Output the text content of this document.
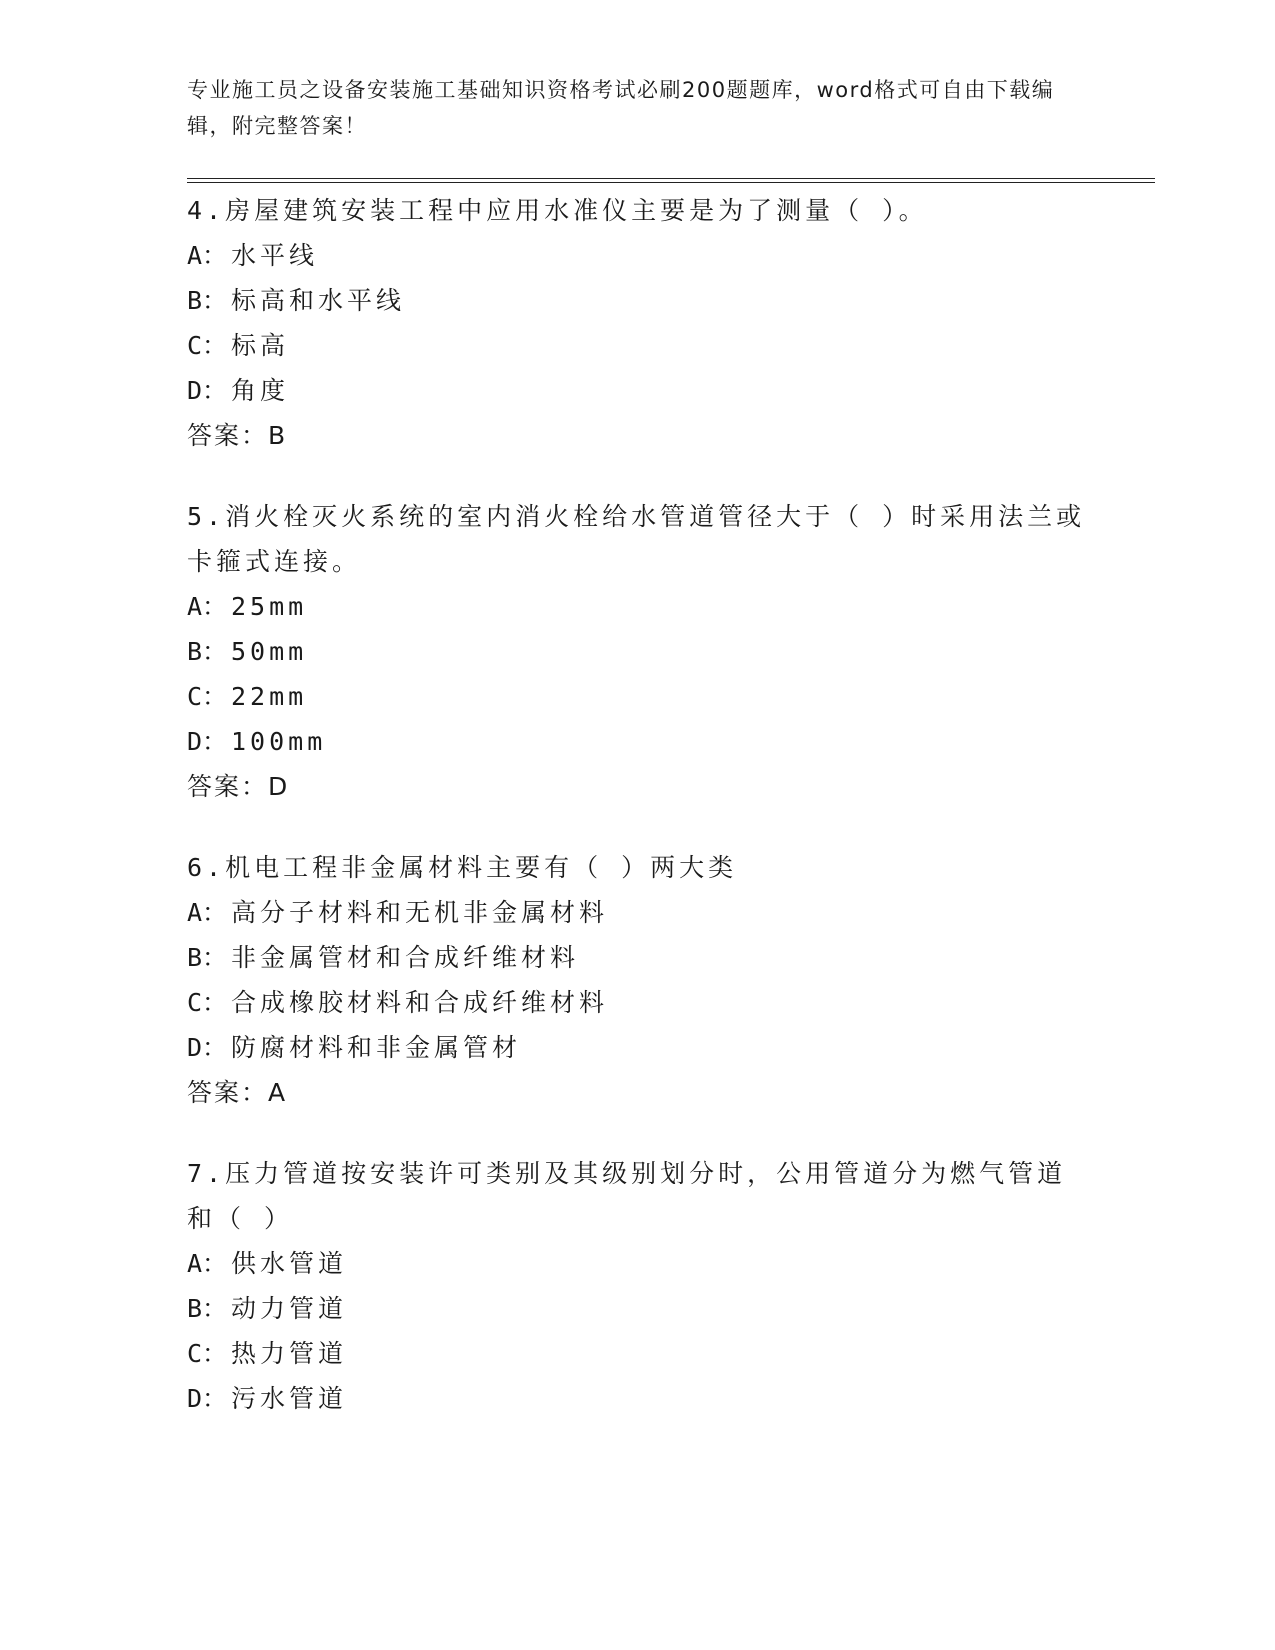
专业施工员之设备安装施工基础知识资格考试必刷200题题库，word格式可自由下载编辑，附完整答案！

4.房屋建筑安装工程中应用水准仪主要是为了测量（ ）。

A： 水平线
B： 标高和水平线
C： 标高
D： 角度

答案：B

5.消火栓灭火系统的室内消火栓给水管道管径大于（ ）时采用法兰或卡箍式连接。

A： 25mm
B： 50mm
C： 22mm
D： 100mm

答案：D

6.机电工程非金属材料主要有（ ）两大类

A： 高分子材料和无机非金属材料
B： 非金属管材和合成纤维材料
C： 合成橡胶材料和合成纤维材料
D： 防腐材料和非金属管材

答案：A

7.压力管道按安装许可类别及其级别划分时，公用管道分为燃气管道和（ ）

A： 供水管道
B： 动力管道
C： 热力管道
D： 污水管道
